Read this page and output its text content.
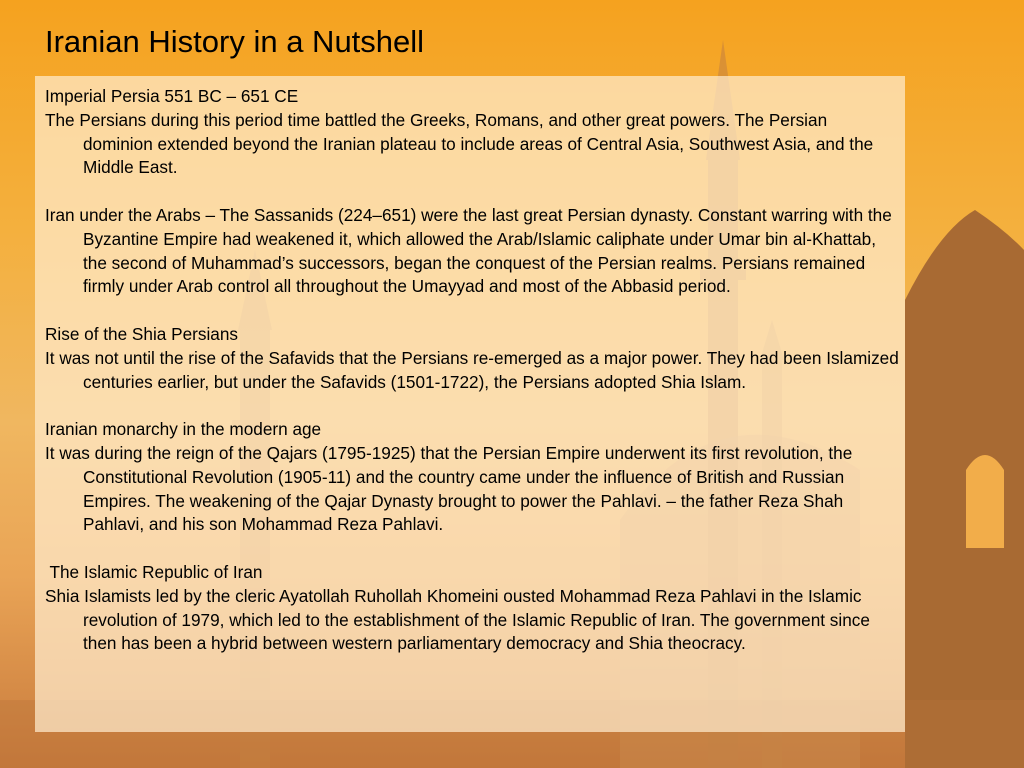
Iranian History in a Nutshell

Imperial Persia 551 BC – 651 CE

The Persians during this period time battled the Greeks, Romans, and other great powers. The Persian dominion extended beyond the Iranian plateau to include areas of Central Asia, Southwest Asia, and the Middle East.

Iran under the Arabs – The Sassanids (224–651) were the last great Persian dynasty. Constant warring with the Byzantine Empire had weakened it, which allowed the Arab/Islamic caliphate under Umar bin al-Khattab, the second of Muhammad’s successors, began the conquest of the Persian realms. Persians remained firmly under Arab control all throughout the Umayyad and most of the Abbasid period.

Rise of the Shia Persians

It was not until the rise of the Safavids that the Persians re-emerged as a major power. They had been Islamized centuries earlier, but under the Safavids (1501-1722), the Persians adopted Shia Islam.

Iranian monarchy in the modern age

It was during the reign of the Qajars (1795-1925) that the Persian Empire underwent its first revolution, the Constitutional Revolution (1905-11) and the country came under the influence of British and Russian Empires. The weakening of the Qajar Dynasty brought to power the Pahlavi. – the father Reza Shah Pahlavi, and his son Mohammad Reza Pahlavi.

The Islamic Republic of Iran

Shia Islamists led by the cleric Ayatollah Ruhollah Khomeini ousted Mohammad Reza Pahlavi in the Islamic revolution of 1979, which led to the establishment of the Islamic Republic of Iran. The government since then has been a hybrid between western parliamentary democracy and Shia theocracy.
